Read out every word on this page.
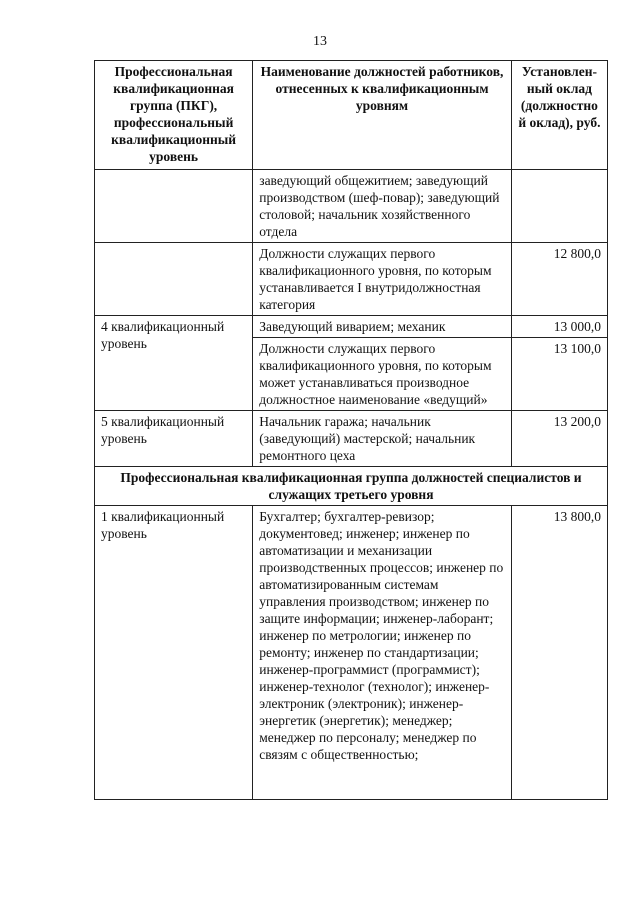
13
Профессиональная квалификационная группа (ПКГ), профессиональный квалификационный уровень	Наименование должностей работников, отнесенных к квалификационным уровням	Установлен-ный оклад (должностно й оклад), руб.
	заведующий общежитием; заведующий производством (шеф-повар); заведующий столовой; начальник хозяйственного отдела	
	Должности служащих первого квалификационного уровня, по которым устанавливается I внутридолжностная категория	12 800,0
4 квалификационный уровень	Заведующий виварием; механик	13 000,0
	Должности служащих первого квалификационного уровня, по которым может устанавливаться производное должностное наименование «ведущий»	13 100,0
5 квалификационный уровень	Начальник гаража; начальник (заведующий) мастерской; начальник ремонтного цеха	13 200,0
Профессиональная квалификационная группа должностей специалистов и служащих третьего уровня		
1 квалификационный уровень	Бухгалтер; бухгалтер-ревизор; документовед; инженер; инженер по автоматизации и механизации производственных процессов; инженер по автоматизированным системам управления производством; инженер по защите информации; инженер-лаборант; инженер по метрологии; инженер по ремонту; инженер по стандартизации; инженер-программист (программист); инженер-технолог (технолог); инженер-электроник (электроник); инженер-энергетик (энергетик); менеджер; менеджер по персоналу; менеджер по связям с общественностью;	13 800,0
